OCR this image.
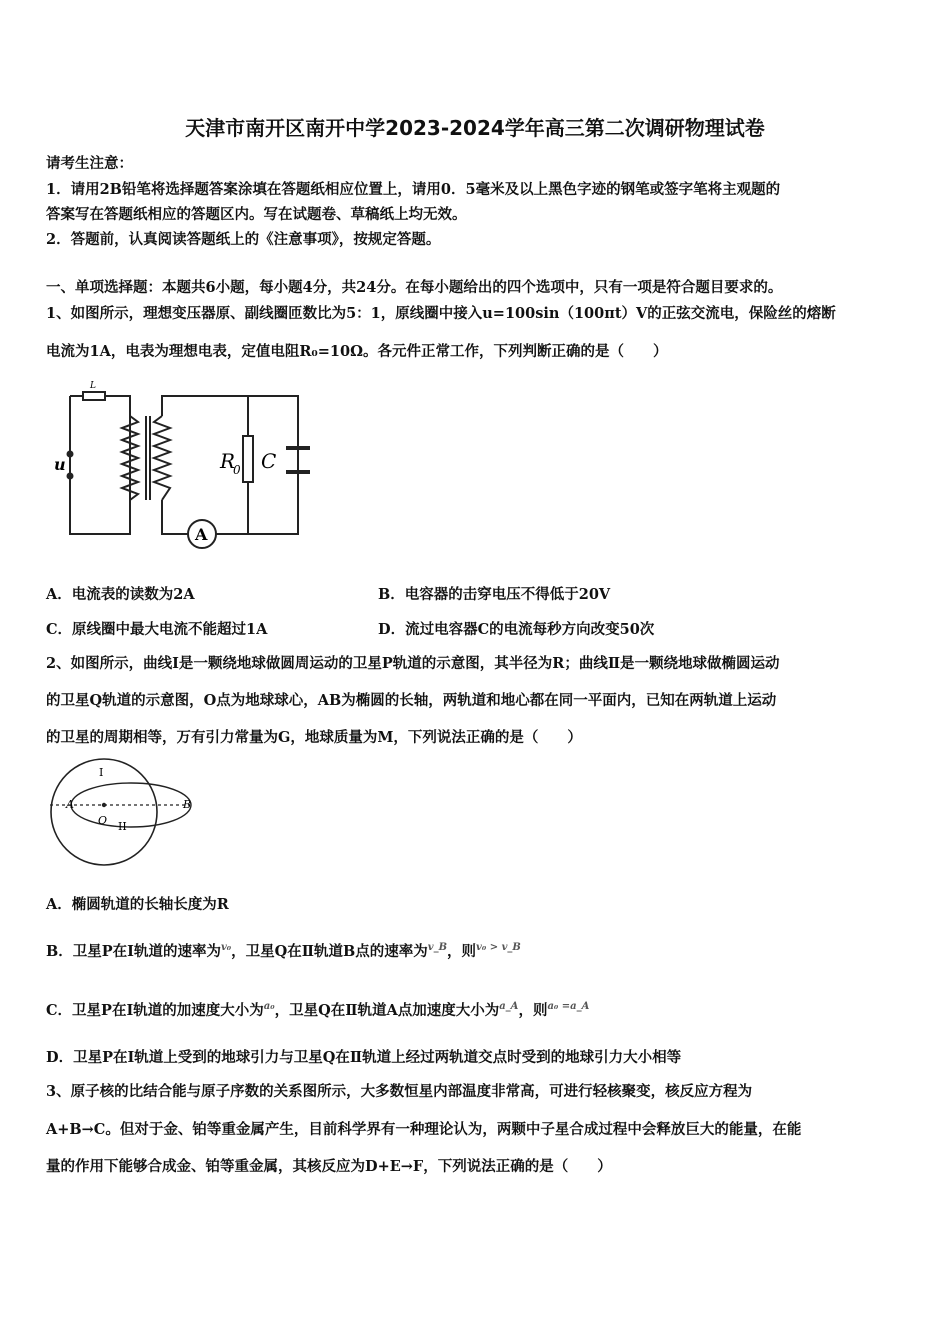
天津市南开区南开中学2023-2024学年高三第二次调研物理试卷
请考生注意：
1．请用2B铅笔将选择题答案涂填在答题纸相应位置上，请用0．5毫米及以上黑色字迹的钢笔或签字笔将主观题的
答案写在答题纸相应的答题区内。写在试题卷、草稿纸上均无效。
2．答题前，认真阅读答题纸上的《注意事项》，按规定答题。
一、单项选择题：本题共6小题，每小题4分，共24分。在每小题给出的四个选项中，只有一项是符合题目要求的。
1、如图所示，理想变压器原、副线圈匝数比为5：1，原线圈中接入u=100sin（100πt）V的正弦交流电，保险丝的熔断
电流为1A，电表为理想电表，定值电阻R₀=10Ω。各元件正常工作，下列判断正确的是（　　）
u
L
R
0 C
A
A．电流表的读数为2A	B．电容器的击穿电压不得低于20V
C．原线圈中最大电流不能超过1A	D．流过电容器C的电流每秒方向改变50次
2、如图所示，曲线Ⅰ是一颗绕地球做圆周运动的卫星P轨道的示意图，其半径为R；曲线Ⅱ是一颗绕地球做椭圆运动
的卫星Q轨道的示意图，O点为地球球心，AB为椭圆的长轴，两轨道和地心都在同一平面内，已知在两轨道上运动
的卫星的周期相等，万有引力常量为G，地球质量为M，下列说法正确的是（　　）
I
II
A	B
O
A．椭圆轨道的长轴长度为R
B．卫星P在Ⅰ轨道的速率为$^{v_0}$，卫星Q在Ⅱ轨道B点的速率为$^{v\_B}$，则$^{v_0 > v\_B}$
C．卫星P在Ⅰ轨道的加速度大小为$^{a_0}$，卫星Q在Ⅱ轨道A点加速度大小为$^{a\_A}$，则$^{a_0 =a\_A}$
D．卫星P在Ⅰ轨道上受到的地球引力与卫星Q在Ⅱ轨道上经过两轨道交点时受到的地球引力大小相等
3、原子核的比结合能与原子序数的关系图所示，大多数恒星内部温度非常高，可进行轻核聚变，核反应方程为
A+B→C。但对于金、铂等重金属产生，目前科学界有一种理论认为，两颗中子星合成过程中会释放巨大的能量，在能
量的作用下能够合成金、铂等重金属，其核反应为D+E→F，下列说法正确的是（　　）
